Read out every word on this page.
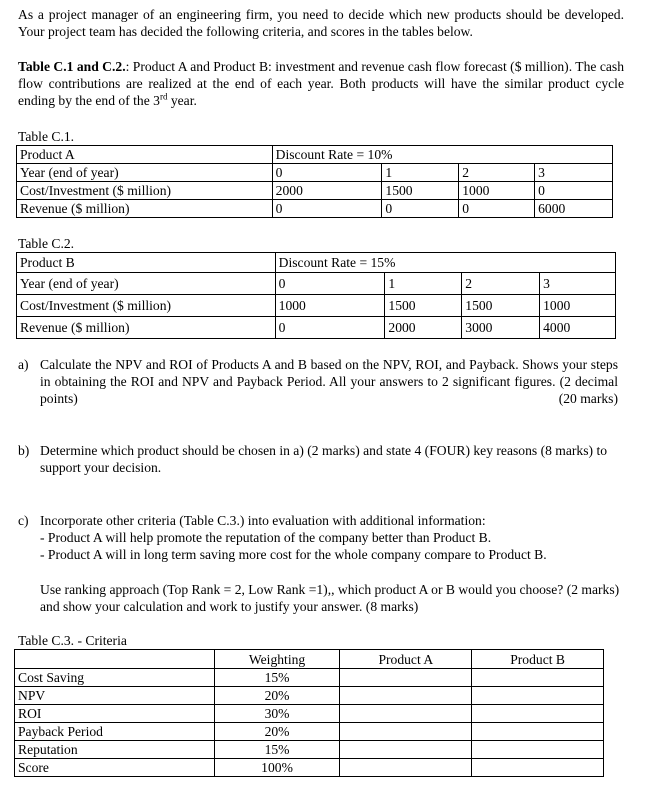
As a project manager of an engineering firm, you need to decide which new products should be developed. Your project team has decided the following criteria, and scores in the tables below.
Table C.1 and C.2.: Product A and Product B: investment and revenue cash flow forecast ($ million). The cash flow contributions are realized at the end of each year. Both products will have the similar product cycle ending by the end of the 3rd year.
Table C.1.
Product A	Discount Rate = 10%			
Year (end of year)	0	1	2	3
Cost/Investment ($ million)	2000	1500	1000	0
Revenue ($ million)	0	0	0	6000
Table C.2.
Product B	Discount Rate = 15%			
Year (end of year)	0	1	2	3
Cost/Investment ($ million)	1000	1500	1500	1000
Revenue ($ million)	0	2000	3000	4000
a) Calculate the NPV and ROI of Products A and B based on the NPV, ROI, and Payback. Shows your steps in obtaining the ROI and NPV and Payback Period. All your answers to 2 significant figures. (2 decimal points)	(20 marks)
b) Determine which product should be chosen in a) (2 marks) and state 4 (FOUR) key reasons (8 marks) to support your decision.
c) Incorporate other criteria (Table C.3.) into evaluation with additional information:
- Product A will help promote the reputation of the company better than Product B.
- Product A will in long term saving more cost for the whole company compare to Product B.
Use ranking approach (Top Rank = 2, Low Rank =1),, which product A or B would you choose? (2 marks) and show your calculation and work to justify your answer. (8 marks)
Table C.3. - Criteria
	Weighting	Product A	Product B
Cost Saving	15%		
NPV	20%		
ROI	30%		
Payback Period	20%		
Reputation	15%		
Score	100%		
